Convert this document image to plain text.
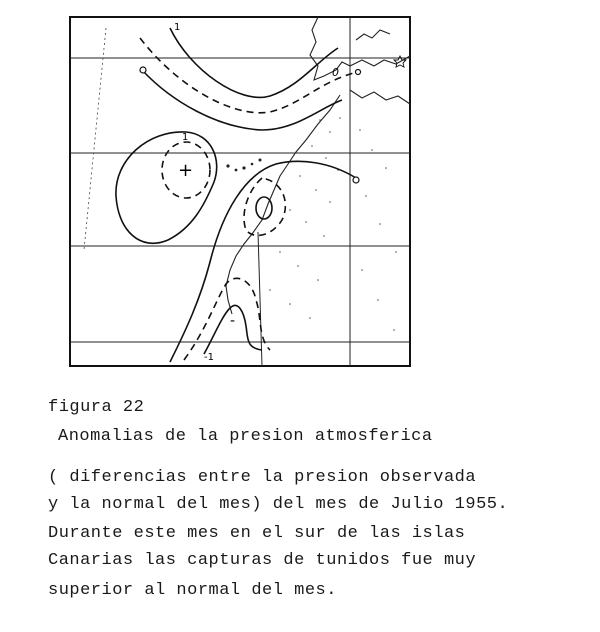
+
-
0
1
1
-1
figura 22
Anomalias de la presion atmosferica
( diferencias entre la presion observada
y la normal del mes) del mes de Julio 1955.
Durante este mes en el sur de las islas
Canarias las capturas de tunidos fue muy
superior al normal del mes.
